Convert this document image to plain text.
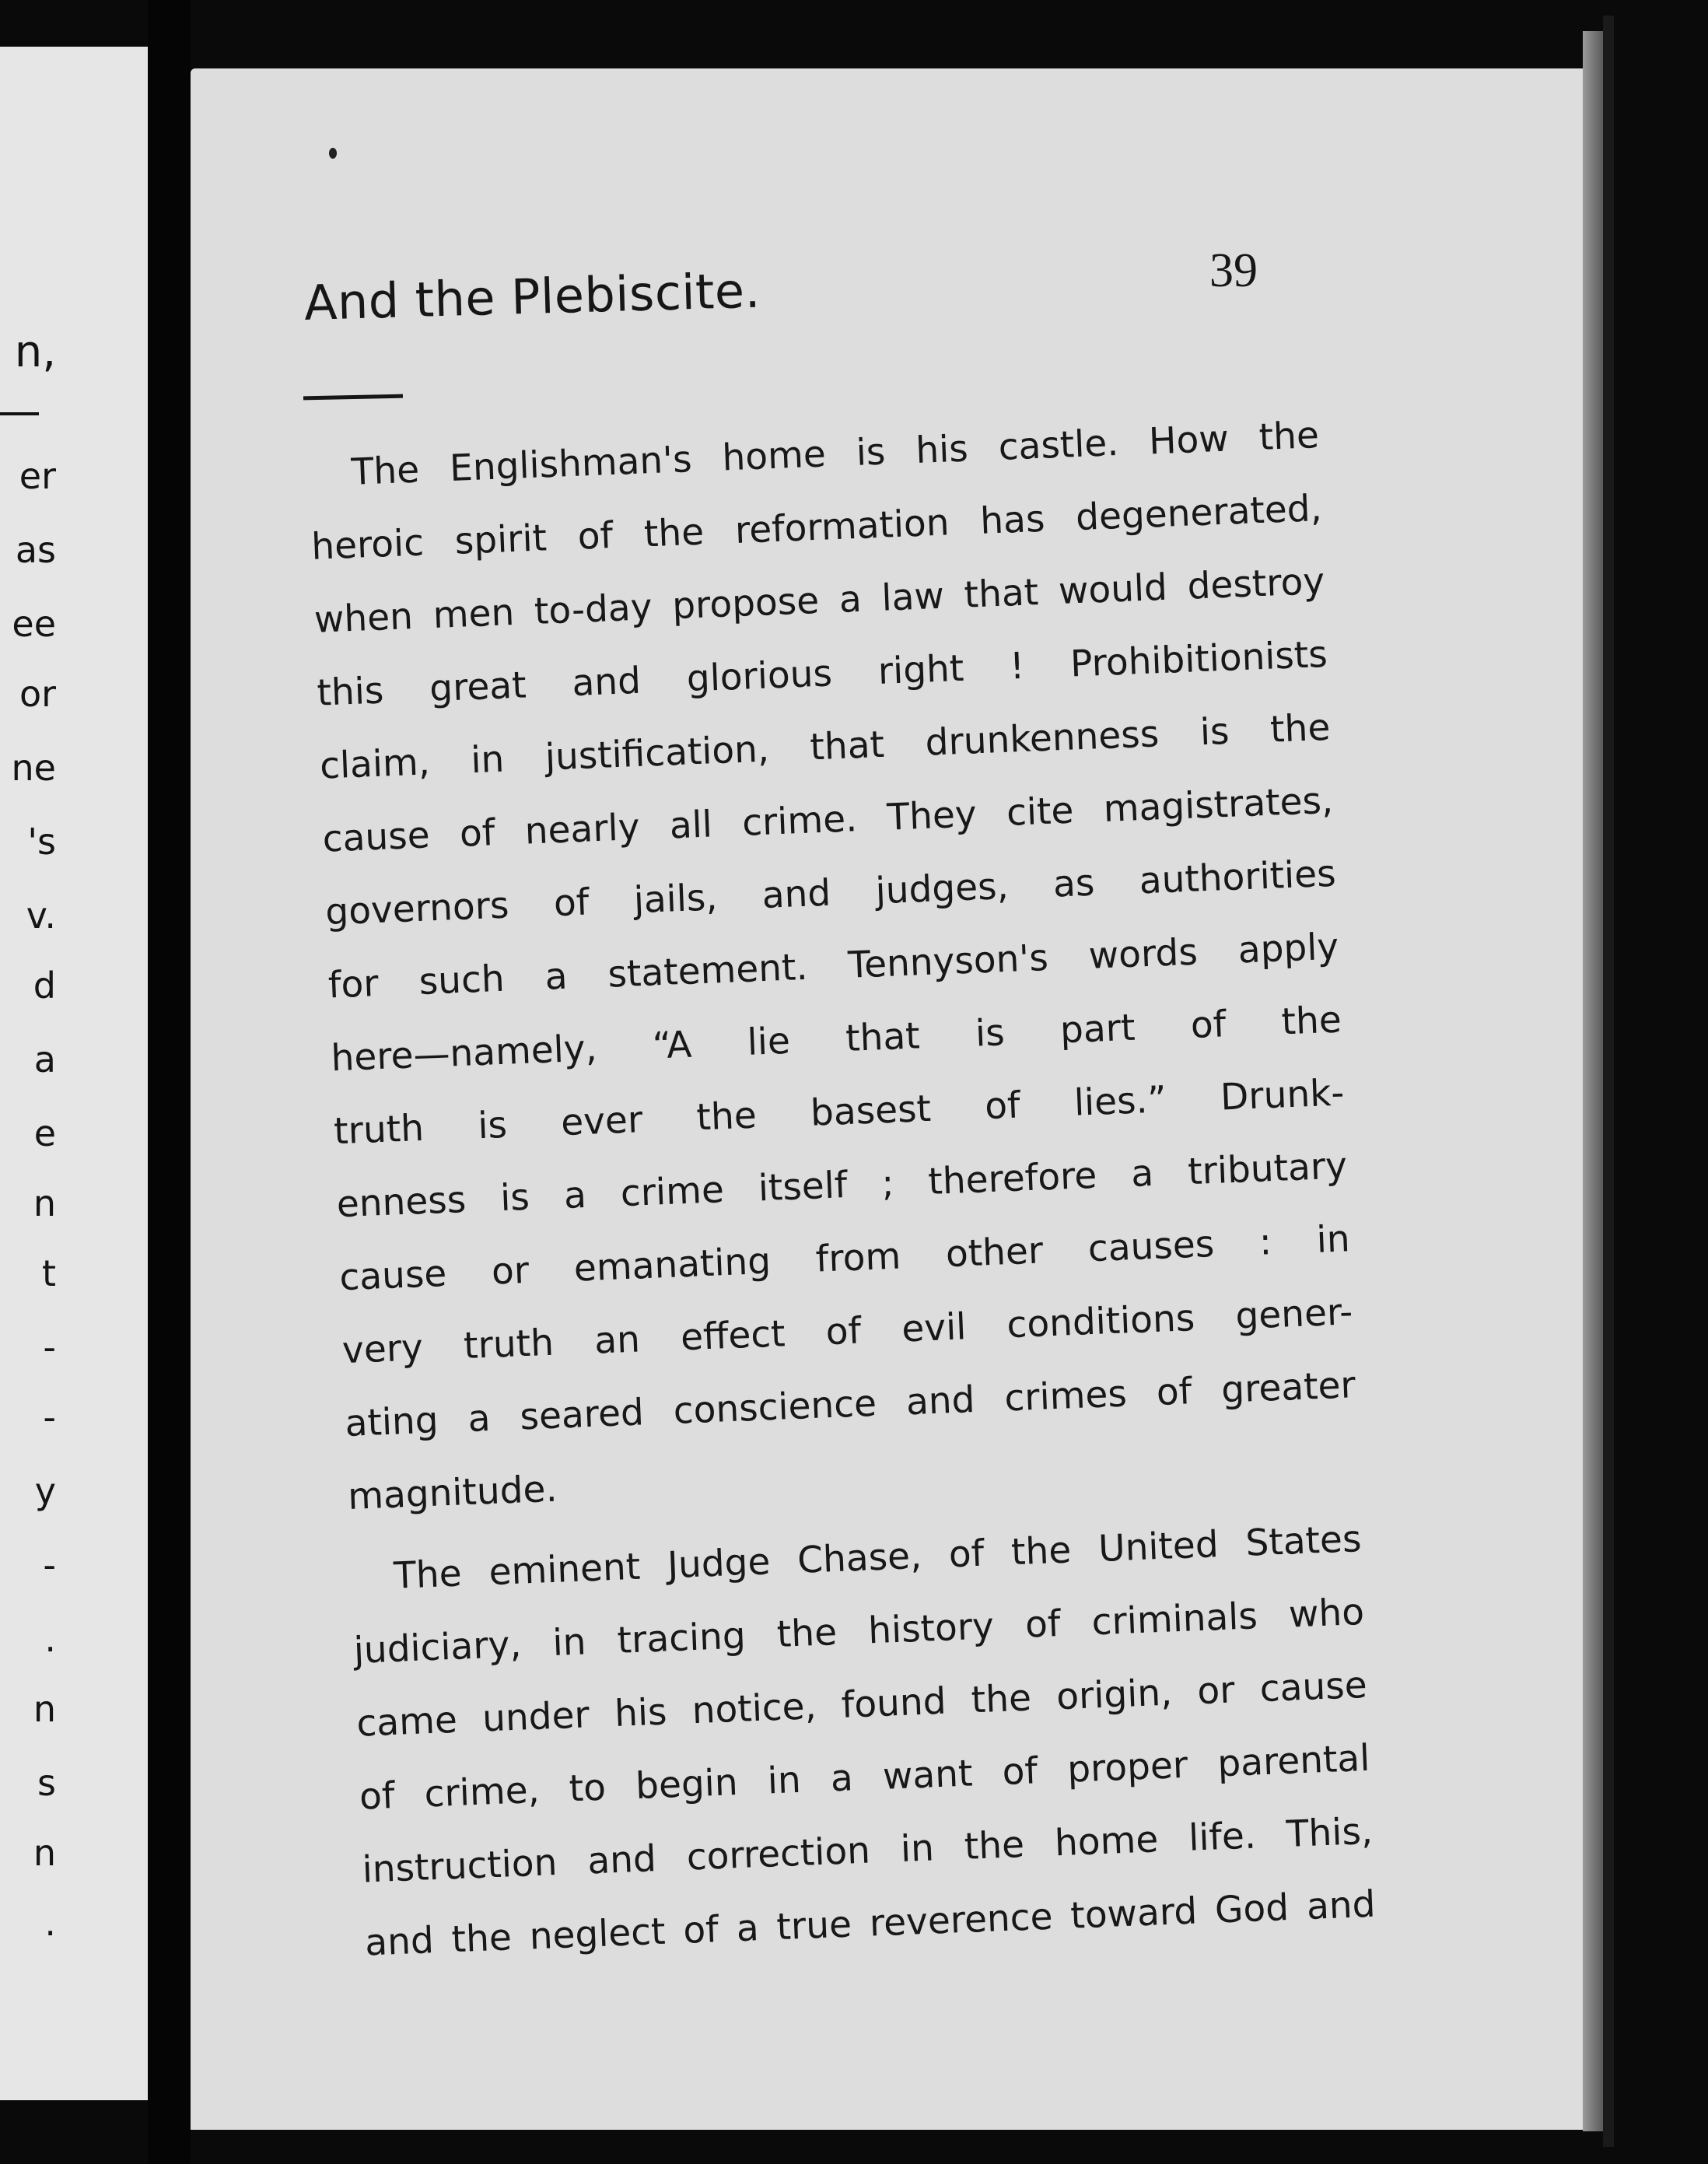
n,
er
as
ee
or
ne
's
v.
d
a
e
n
t
-
-
y
-
.
n
s
n
.
And the Plebiscite.	39
The Englishman's home is his castle. How the
heroic spirit of the reformation has degenerated,
when men to-day propose a law that would destroy
this great and glorious right ! Prohibitionists
claim, in justification, that drunkenness is the
cause of nearly all crime. They cite magistrates,
governors of jails, and judges, as authorities
for such a statement. Tennyson's words apply
here—namely, “A lie that is part of the
truth is ever the basest of lies.” Drunk-
enness is a crime itself ; therefore a tributary
cause or emanating from other causes : in
very truth an effect of evil conditions gener-
ating a seared conscience and crimes of greater
magnitude.
The eminent Judge Chase, of the United States
judiciary, in tracing the history of criminals who
came under his notice, found the origin, or cause
of crime, to begin in a want of proper parental
instruction and correction in the home life. This,
and the neglect of a true reverence toward God and
